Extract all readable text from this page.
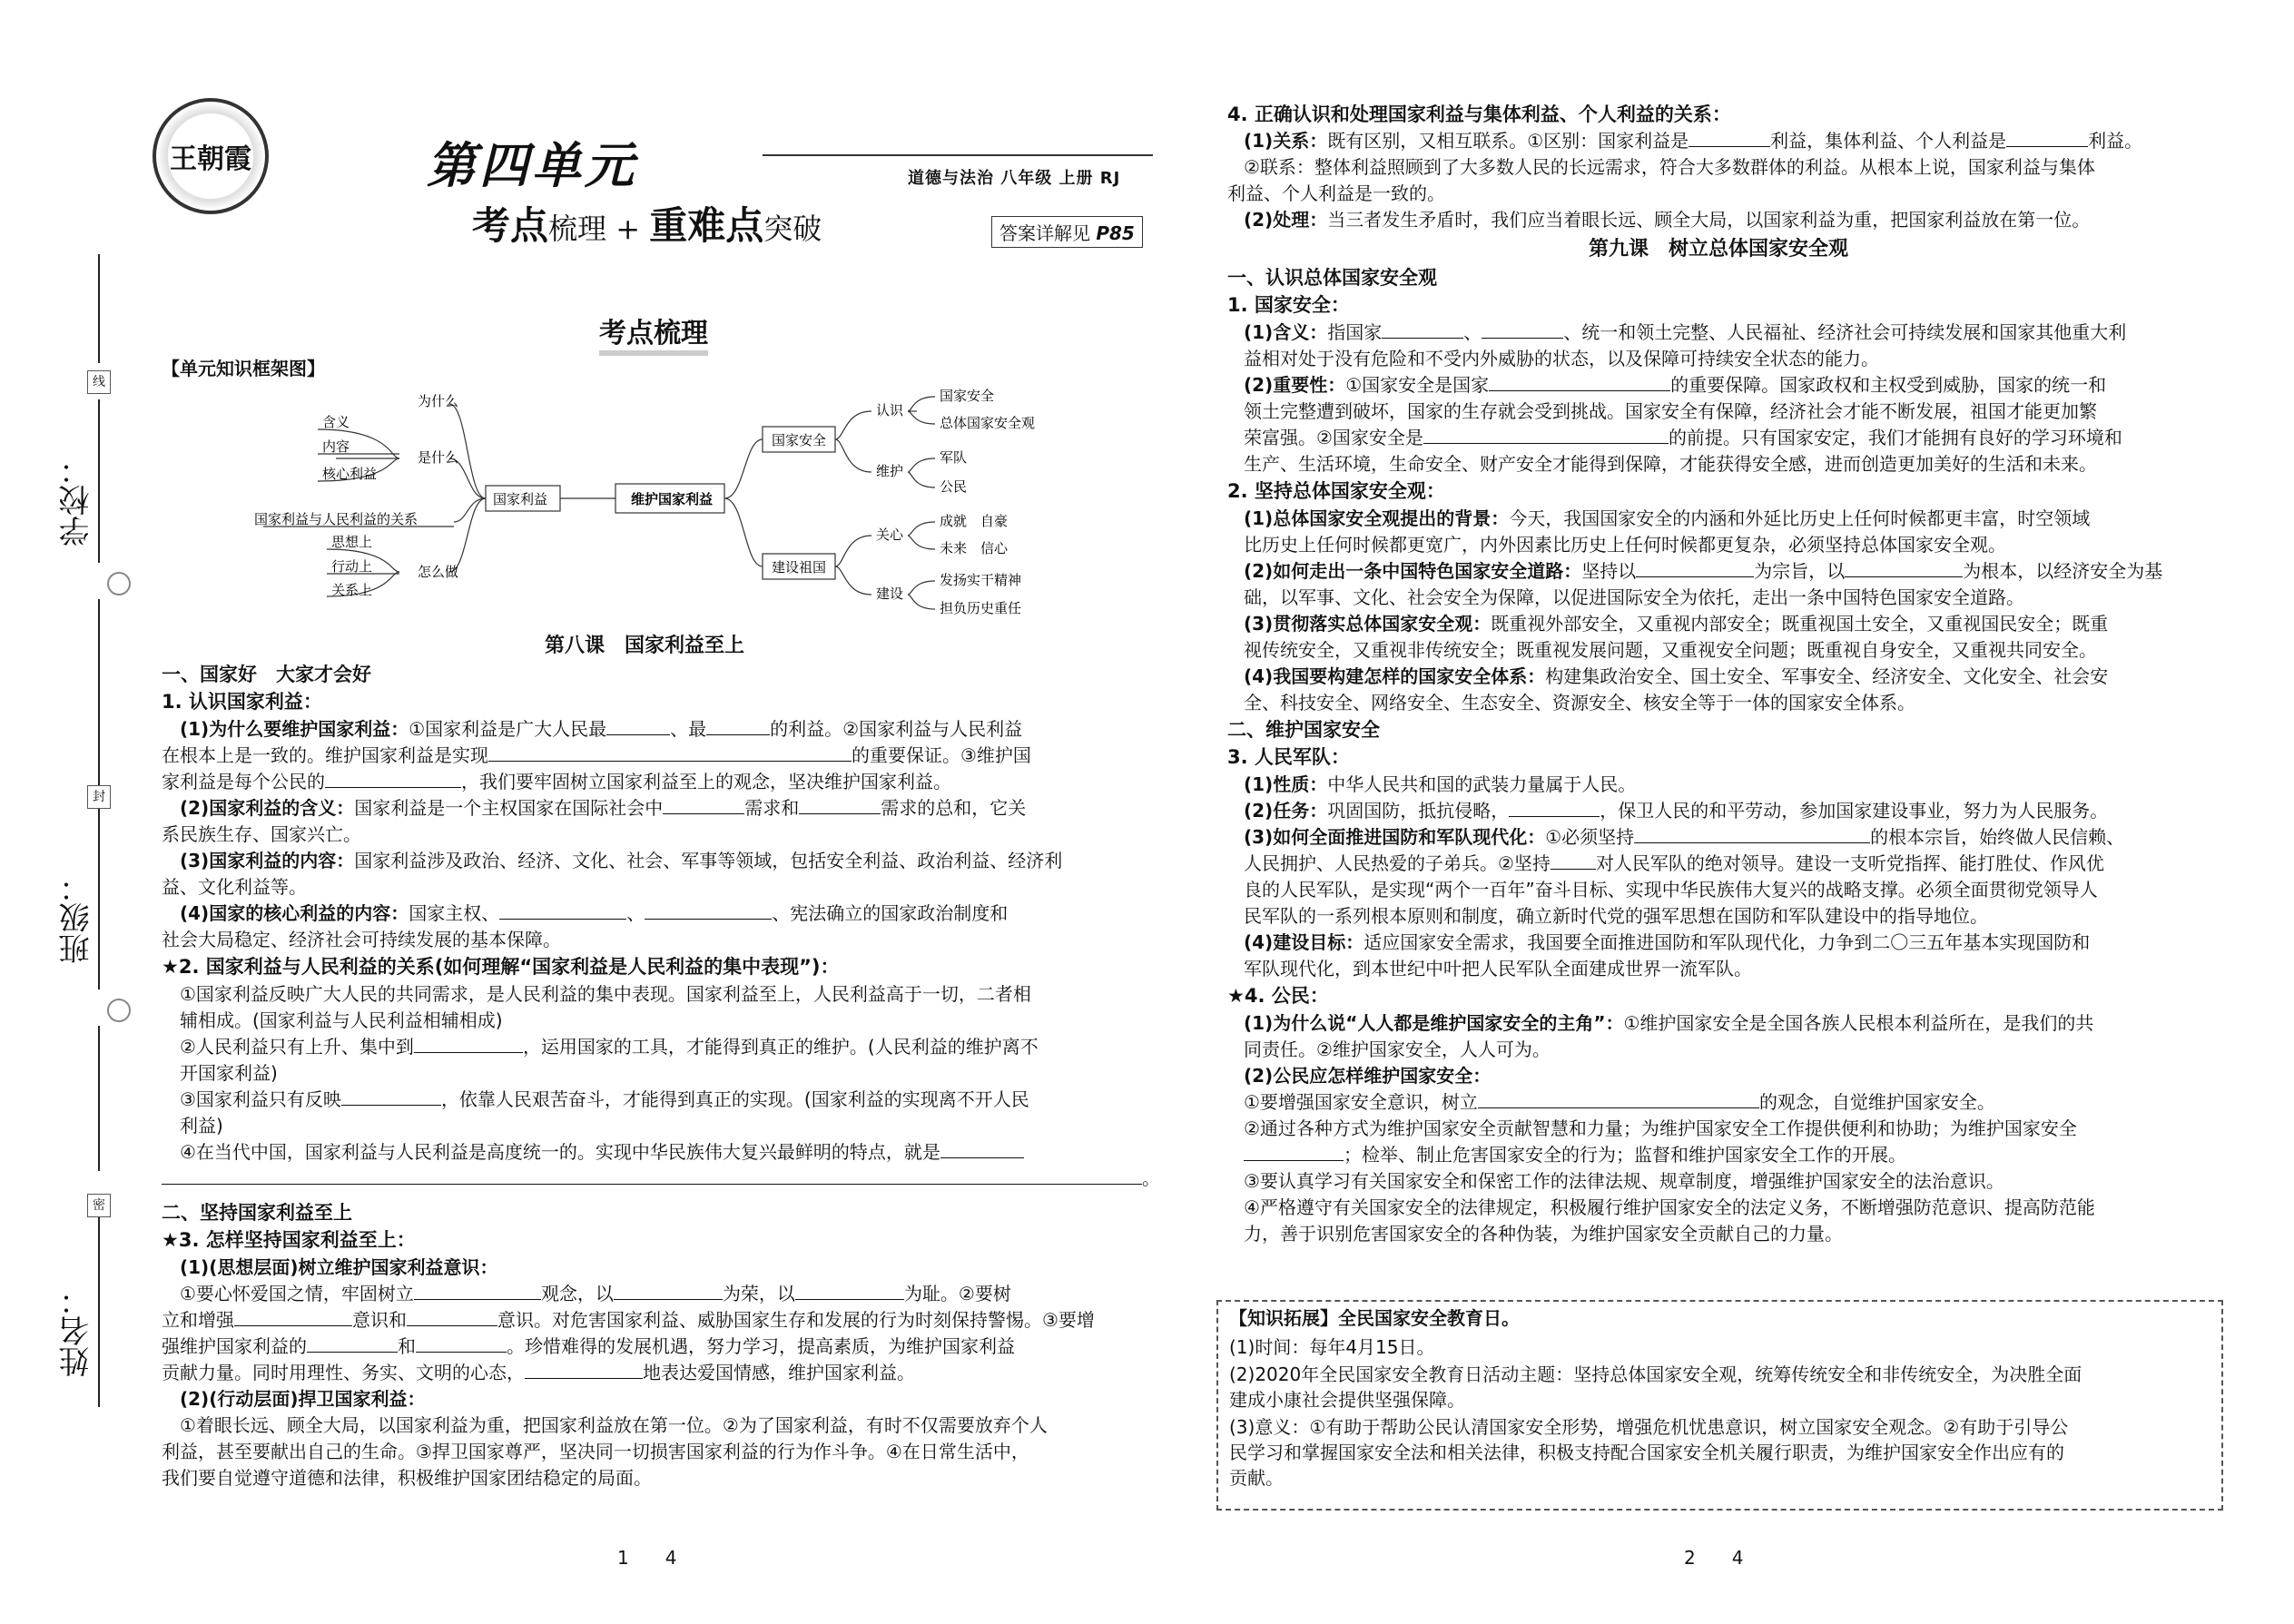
学校：
班级：
姓名：
线
封
密
王朝霞	第四单元
考点梳理 + 重难点突破
道德与法治 八年级 上册 RJ
答案详解见 P85
考点梳理
【单元知识框架图】
维护国家利益
国家利益
国家安全
建设祖国
为什么
是什么
怎么做
含义
内容
核心利益
国家利益与人民利益的关系
思想上
行动上
关系上
认识
国家安全
总体国家安全观
维护
军队
公民
关心
成就　自豪
未来　信心
建设
发扬实干精神
担负历史重任
第八课　国家利益至上
一、国家好　大家才会好
1. 认识国家利益：
(1)为什么要维护国家利益：①国家利益是广大人民最	、最	的利益。②国家利益与人民利益
在根本上是一致的。维护国家利益是实现	的重要保证。③维护国
家利益是每个公民的	，我们要牢固树立国家利益至上的观念，坚决维护国家利益。
(2)国家利益的含义：国家利益是一个主权国家在国际社会中	需求和	需求的总和，它关
系民族生存、国家兴亡。
(3)国家利益的内容：国家利益涉及政治、经济、文化、社会、军事等领域，包括安全利益、政治利益、经济利
益、文化利益等。
(4)国家的核心利益的内容：国家主权、	、	、宪法确立的国家政治制度和
社会大局稳定、经济社会可持续发展的基本保障。
★2. 国家利益与人民利益的关系(如何理解“国家利益是人民利益的集中表现”)：
①国家利益反映广大人民的共同需求，是人民利益的集中表现。国家利益至上，人民利益高于一切，二者相
辅相成。(国家利益与人民利益相辅相成)
②人民利益只有上升、集中到	，运用国家的工具，才能得到真正的维护。(人民利益的维护离不
开国家利益)
③国家利益只有反映	，依靠人民艰苦奋斗，才能得到真正的实现。(国家利益的实现离不开人民
利益)
④在当代中国，国家利益与人民利益是高度统一的。实现中华民族伟大复兴最鲜明的特点，就是
。
二、坚持国家利益至上
★3. 怎样坚持国家利益至上：
(1)(思想层面)树立维护国家利益意识：
①要心怀爱国之情，牢固树立	观念，以	为荣，以	为耻。②要树
立和增强	意识和	意识。对危害国家利益、威胁国家生存和发展的行为时刻保持警惕。③要增
强维护国家利益的	和	。珍惜难得的发展机遇，努力学习，提高素质，为维护国家利益
贡献力量。同时用理性、务实、文明的心态，	地表达爱国情感，维护国家利益。
(2)(行动层面)捍卫国家利益：
①着眼长远、顾全大局，以国家利益为重，把国家利益放在第一位。②为了国家利益，有时不仅需要放弃个人
利益，甚至要献出自己的生命。③捍卫国家尊严，坚决同一切损害国家利益的行为作斗争。④在日常生活中，
我们要自觉遵守道德和法律，积极维护国家团结稳定的局面。
1　　4
4. 正确认识和处理国家利益与集体利益、个人利益的关系：
(1)关系：既有区别，又相互联系。①区别：国家利益是	利益，集体利益、个人利益是	利益。
②联系：整体利益照顾到了大多数人民的长远需求，符合大多数群体的利益。从根本上说，国家利益与集体
利益、个人利益是一致的。
(2)处理：当三者发生矛盾时，我们应当着眼长远、顾全大局，以国家利益为重，把国家利益放在第一位。
第九课　树立总体国家安全观
一、认识总体国家安全观
1. 国家安全：
(1)含义：指国家	、	、统一和领土完整、人民福祉、经济社会可持续发展和国家其他重大利
益相对处于没有危险和不受内外威胁的状态，以及保障可持续安全状态的能力。
(2)重要性：①国家安全是国家	的重要保障。国家政权和主权受到威胁，国家的统一和
领土完整遭到破坏，国家的生存就会受到挑战。国家安全有保障，经济社会才能不断发展，祖国才能更加繁
荣富强。②国家安全是	的前提。只有国家安定，我们才能拥有良好的学习环境和
生产、生活环境，生命安全、财产安全才能得到保障，才能获得安全感，进而创造更加美好的生活和未来。
2. 坚持总体国家安全观：
(1)总体国家安全观提出的背景：今天，我国国家安全的内涵和外延比历史上任何时候都更丰富，时空领域
比历史上任何时候都更宽广，内外因素比历史上任何时候都更复杂，必须坚持总体国家安全观。
(2)如何走出一条中国特色国家安全道路：坚持以	为宗旨，以	为根本，以经济安全为基
础，以军事、文化、社会安全为保障，以促进国际安全为依托，走出一条中国特色国家安全道路。
(3)贯彻落实总体国家安全观：既重视外部安全，又重视内部安全；既重视国土安全，又重视国民安全；既重
视传统安全，又重视非传统安全；既重视发展问题，又重视安全问题；既重视自身安全，又重视共同安全。
(4)我国要构建怎样的国家安全体系：构建集政治安全、国土安全、军事安全、经济安全、文化安全、社会安
全、科技安全、网络安全、生态安全、资源安全、核安全等于一体的国家安全体系。
二、维护国家安全
3. 人民军队：
(1)性质：中华人民共和国的武装力量属于人民。
(2)任务：巩固国防，抵抗侵略，	，保卫人民的和平劳动，参加国家建设事业，努力为人民服务。
(3)如何全面推进国防和军队现代化：①必须坚持	的根本宗旨，始终做人民信赖、
人民拥护、人民热爱的子弟兵。②坚持	对人民军队的绝对领导。建设一支听党指挥、能打胜仗、作风优
良的人民军队，是实现“两个一百年”奋斗目标、实现中华民族伟大复兴的战略支撑。必须全面贯彻党领导人
民军队的一系列根本原则和制度，确立新时代党的强军思想在国防和军队建设中的指导地位。
(4)建设目标：适应国家安全需求，我国要全面推进国防和军队现代化，力争到二〇三五年基本实现国防和
军队现代化，到本世纪中叶把人民军队全面建成世界一流军队。
★4. 公民：
(1)为什么说“人人都是维护国家安全的主角”：①维护国家安全是全国各族人民根本利益所在，是我们的共
同责任。②维护国家安全，人人可为。
(2)公民应怎样维护国家安全：
①要增强国家安全意识，树立	的观念，自觉维护国家安全。
②通过各种方式为维护国家安全贡献智慧和力量；为维护国家安全工作提供便利和协助；为维护国家安全
；检举、制止危害国家安全的行为；监督和维护国家安全工作的开展。
③要认真学习有关国家安全和保密工作的法律法规、规章制度，增强维护国家安全的法治意识。
④严格遵守有关国家安全的法律规定，积极履行维护国家安全的法定义务，不断增强防范意识、提高防范能
力，善于识别危害国家安全的各种伪装，为维护国家安全贡献自己的力量。
【知识拓展】全民国家安全教育日。
(1)时间：每年4月15日。
(2)2020年全民国家安全教育日活动主题：坚持总体国家安全观，统筹传统安全和非传统安全，为决胜全面
建成小康社会提供坚强保障。
(3)意义：①有助于帮助公民认清国家安全形势，增强危机忧患意识，树立国家安全观念。②有助于引导公
民学习和掌握国家安全法和相关法律，积极支持配合国家安全机关履行职责，为维护国家安全作出应有的
贡献。
2　　4
